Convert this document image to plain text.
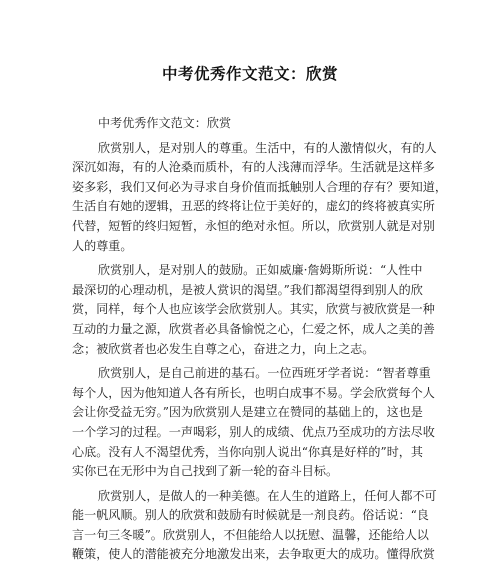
中考优秀作文范文：欣赏
中考优秀作文范文：欣赏
欣赏别人，是对别人的尊重。生活中，有的人激情似火，有的人
深沉如海，有的人沧桑而质朴，有的人浅薄而浮华。生活就是这样多
姿多彩，我们又何必为寻求自身价值而抵触别人合理的存有？要知道，
生活自有她的逻辑，丑恶的终将让位于美好的，虚幻的终将被真实所
代替，短暂的终归短暂，永恒的绝对永恒。所以，欣赏别人就是对别
人的尊重。
欣赏别人，是对别人的鼓励。正如威廉·詹姆斯所说：“人性中
最深切的心理动机，是被人赏识的渴望。”我们都渴望得到别人的欣
赏，同样，每个人也应该学会欣赏别人。其实，欣赏与被欣赏是一种
互动的力量之源，欣赏者必具备愉悦之心，仁爱之怀，成人之美的善
念；被欣赏者也必发生自尊之心，奋进之力，向上之志。
欣赏别人，是自己前进的基石。一位西班牙学者说：“智者尊重
每个人，因为他知道人各有所长，也明白成事不易。学会欣赏每个人
会让你受益无穷。”因为欣赏别人是建立在赞同的基础上的，这也是
一个学习的过程。一声喝彩，别人的成绩、优点乃至成功的方法尽收
心底。没有人不渴望优秀，当你向别人说出“你真是好样的”时，其
实你已在无形中为自己找到了新一轮的奋斗目标。
欣赏别人，是做人的一种美德。在人生的道路上，任何人都不可
能一帆风顺。别人的欣赏和鼓励有时候就是一剂良药。俗话说：“良
言一句三冬暖”。欣赏别人，不但能给人以抚慰、温馨，还能给人以
鞭策，使人的潜能被充分地激发出来，去争取更大的成功。懂得欣赏
